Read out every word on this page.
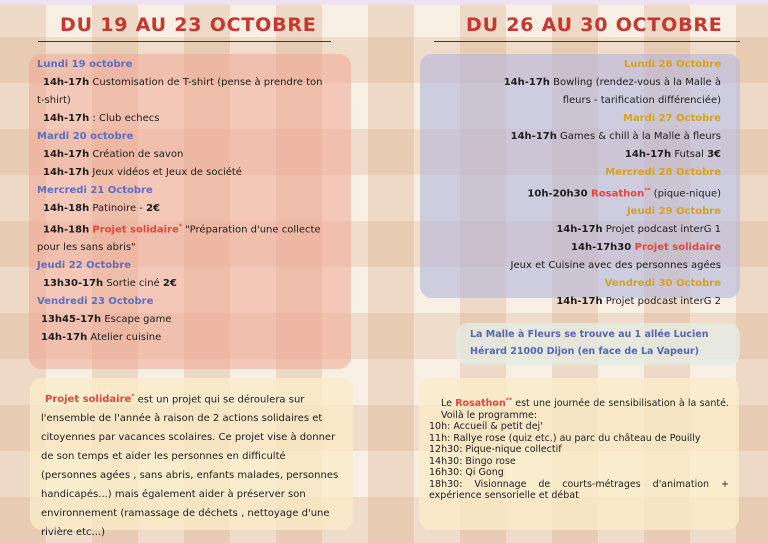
DU 19 AU 23 OCTOBRE

Lundi 19 octobre

14h-17h Customisation de T-shirt (pense à prendre ton

t-shirt)

14h-17h : Club echecs

Mardi 20 octobre

14h-17h Création de savon

14h-17h Jeux vidéos et Jeux de société

Mercredi 21 Octobre

14h-18h Patinoire - 2€

14h-18h Projet solidaire* "Préparation d'une collecte

pour les sans abris"

Jeudi 22 Octobre

13h30-17h Sortie ciné 2€

Vendredi 23 Octobre

13h45-17h Escape game

14h-17h Atelier cuisine

Projet solidaire* est un projet qui se déroulera sur l'ensemble de l'année à raison de 2 actions solidaires et citoyennes par vacances scolaires. Ce projet vise à donner de son temps et aider les personnes en difficulté (personnes agées , sans abris, enfants malades, personnes handicapés...) mais également aider à préserver son environnement (ramassage de déchets , nettoyage d'une rivière etc...)
DU 26 AU 30 OCTOBRE

Lundi 26 Octobre

14h-17h Bowling (rendez-vous à la Malle à

fleurs - tarification différenciée)

Mardi 27 Octobre

14h-17h Games & chill à la Malle à fleurs

14h-17h Futsal 3€

Mercredi 28 Octobre

10h-20h30 Rosathon** (pique-nique)

Jeudi 29 Octobre

14h-17h Projet podcast interG 1

14h-17h30 Projet solidaire

Jeux et Cuisine avec des personnes agées

Vendredi 30 Octobre

14h-17h Projet podcast interG 2

La Malle à Fleurs se trouve au 1 allée Lucien
Hérard 21000 Dijon (en face de La Vapeur)
Le Rosathon** est une journée de sensibilisation à la santé. Voilà le programme:
10h: Accueil & petit dej'
11h: Rallye rose (quiz etc.) au parc du château de Pouilly
12h30: Pique-nique collectif
14h30: Bingo rose
16h30: Qi Gong
18h30: Visionnage de courts-métrages d'animation + expérience sensorielle et débat
